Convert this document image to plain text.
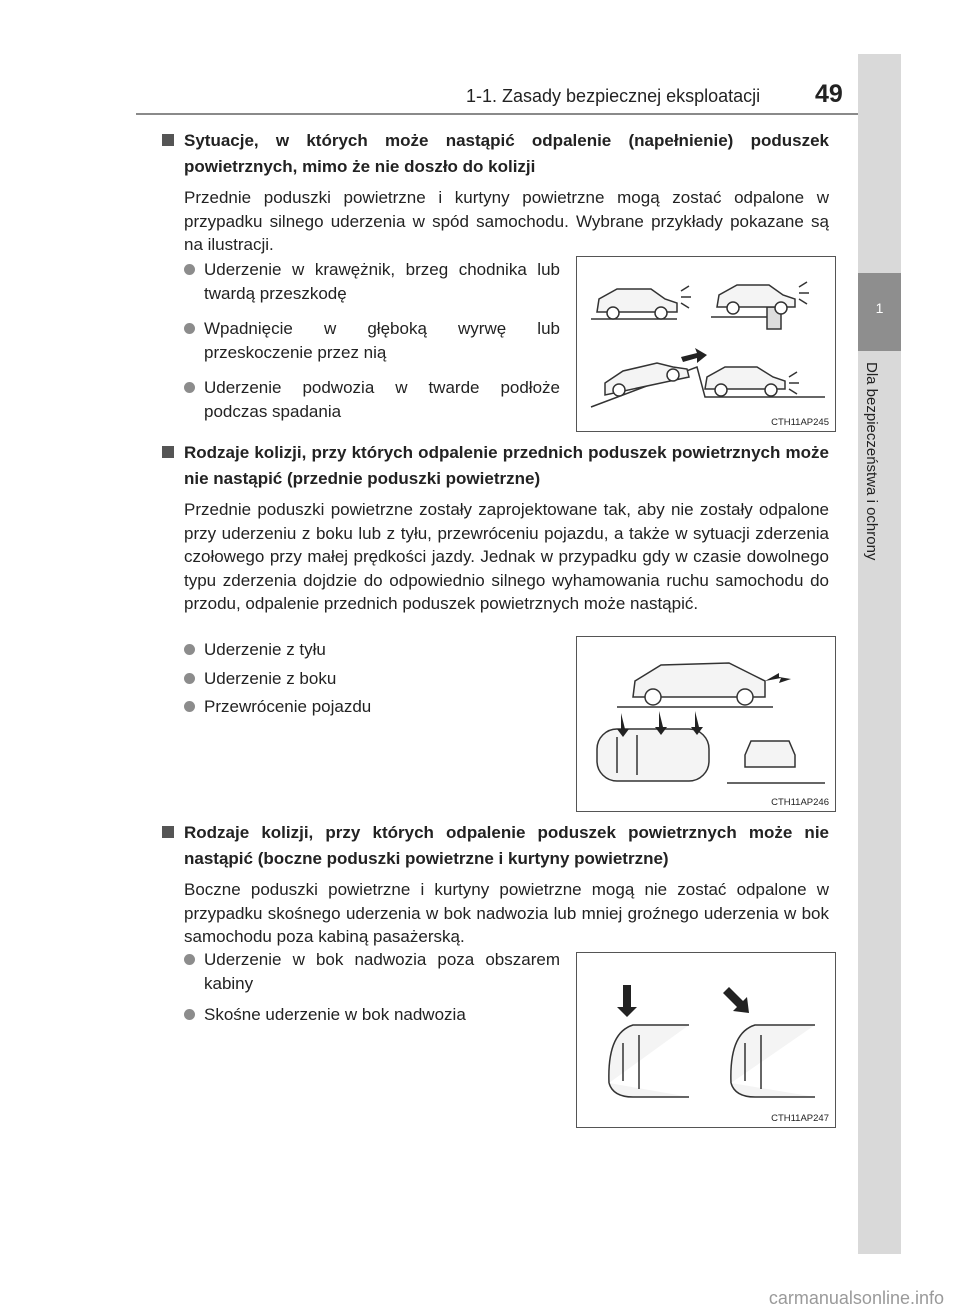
1-1. Zasady bezpiecznej eksploatacji 49
1
Dla bezpieczeństwa i ochrony
Sytuacje, w których może nastąpić odpalenie (napełnienie) poduszek powietrznych, mimo że nie doszło do kolizji
Przednie poduszki powietrzne i kurtyny powietrzne mogą zostać odpalone w przypadku silnego uderzenia w spód samochodu. Wybrane przykłady pokazane są na ilustracji.
Uderzenie w krawężnik, brzeg chodnika lub twardą przeszkodę
Wpadnięcie w głęboką wyrwę lub przeskoczenie przez nią
Uderzenie podwozia w twarde podłoże podczas spadania
CTH11AP245
Rodzaje kolizji, przy których odpalenie przednich poduszek powietrznych może nie nastąpić (przednie poduszki powietrzne)
Przednie poduszki powietrzne zostały zaprojektowane tak, aby nie zostały odpalone przy uderzeniu z boku lub z tyłu, przewróceniu pojazdu, a także w sytuacji zderzenia czołowego przy małej prędkości jazdy. Jednak w przypadku gdy w czasie dowolnego typu zderzenia dojdzie do odpowiednio silnego wyhamowania ruchu samochodu do przodu, odpalenie przednich poduszek powietrznych może nastąpić.
Uderzenie z tyłu
Uderzenie z boku
Przewrócenie pojazdu
CTH11AP246
Rodzaje kolizji, przy których odpalenie poduszek powietrznych może nie nastąpić (boczne poduszki powietrzne i kurtyny powietrzne)
Boczne poduszki powietrzne i kurtyny powietrzne mogą nie zostać odpalone w przypadku skośnego uderzenia w bok nadwozia lub mniej groźnego uderzenia w bok samochodu poza kabiną pasażerską.
Uderzenie w bok nadwozia poza obszarem kabiny
Skośne uderzenie w bok nadwozia
CTH11AP247
carmanualsonline.info
